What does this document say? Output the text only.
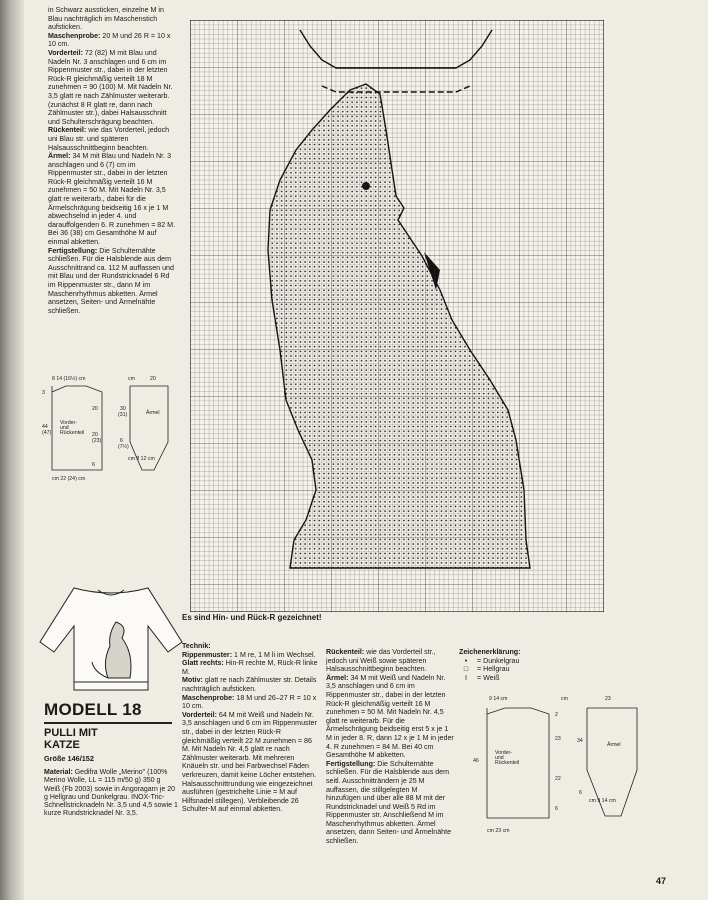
in Schwarz aussticken, einzelne M in Blau nachträglich im Maschenstich aufsticken.

Maschenprobe: 20 M und 26 R = 10 x 10 cm.

Vorderteil: 72 (82) M mit Blau und Nadeln Nr. 3 anschlagen und 6 cm im Rippenmuster str., dabei in der letzten Rück-R gleichmäßig verteilt 18 M zunehmen = 90 (100) M. Mit Nadeln Nr. 3,5 glatt re nach Zählmuster weiterarb. (zunächst 8 R glatt re, dann nach Zählmuster str.), dabei Halsausschnitt und Schulterschrägung beachten.

Rückenteil: wie das Vorderteil, jedoch uni Blau str. und späteren Halsausschnittbeginn beachten.

Ärmel: 34 M mit Blau und Nadeln Nr. 3 anschlagen und 6 (7) cm im Rippenmuster str., dabei in der letzten Rück-R gleichmäßig verteilt 16 M zunehmen = 50 M. Mit Nadeln Nr. 3,5 glatt re weiterarb., dabei für die Ärmelschrägung beidseitig 16 x je 1 M abwechselnd in jeder 4. und darauffolgenden 6. R zunehmen = 82 M. Bei 36 (38) cm Gesamthöhe M auf einmal abketten.

Fertigstellung: Die Schulternähte schließen. Für die Halsblende aus dem Ausschnittrand ca. 112 M auffassen und mit Blau und der Rundstricknadel 6 Rd im Rippenmuster str., dann M im Maschenrhythmus abketten. Ärmel ansetzen, Seiten- und Ärmelnähte schließen.

8 14 (16½) cm	cm	20
3
20
44
(47)	20
(23)
6
Vorder-
und
Rückenteil
Ärmel
30
(31)
6
(7½)
cm 22 (24) cm
cm 8 12 cm
MODELL 18
PULLI MIT
KATZE
Größe 146/152
Material: Gedifra Wolle „Merino" (100% Merino Wolle, LL = 115 m/50 g) 350 g Weiß (Fb 2003) sowie in Angoragarn je 20 g Hellgrau und Dunkelgrau. INOX-Tric-Schnellstricknadeln Nr. 3,5 und 4,5 sowie 1 kurze Rundstricknadel Nr. 3,5.
Es sind Hin- und Rück-R gezeichnet!

Technik:

Rippenmuster: 1 M re, 1 M li im Wechsel.

Glatt rechts: Hin-R rechte M, Rück-R linke M.

Motiv: glatt re nach Zählmuster str. Details nachträglich aufsticken.

Maschenprobe: 18 M und 26–27 R = 10 x 10 cm.

Vorderteil: 64 M mit Weiß und Nadeln Nr. 3,5 anschlagen und 6 cm im Rippenmuster str., dabei in der letzten Rück-R gleichmäßig verteilt 22 M zunehmen = 86 M. Mit Nadeln Nr. 4,5 glatt re nach Zählmuster weiterarb. Mit mehreren Knäueln str. und bei Farbwechsel Fäden verkreuzen, damit keine Löcher entstehen. Halsausschnittrundung wie eingezeichnet ausführen (gestrichelte Linie = M auf Hilfsnadel stillegen). Verbleibende 26 Schulter-M auf einmal abketten.

Rückenteil: wie das Vorderteil str., jedoch uni Weiß sowie späteren Halsausschnittbeginn beachten.

Ärmel: 34 M mit Weiß und Nadeln Nr. 3,5 anschlagen und 6 cm im Rippenmuster str., dabei in der letzten Rück-R gleichmäßig verteilt 16 M zunehmen = 50 M. Mit Nadeln Nr. 4,5 glatt re weiterarb. Für die Ärmelschrägung beidseitig erst 5 x je 1 M in jeder 8. R, dann 12 x je 1 M in jeder 4. R zunehmen = 84 M. Bei 40 cm Gesamthöhe M abketten.

Fertigstellung: Die Schulternähte schließen. Für die Halsblende aus dem seitl. Ausschnitträndern je 25 M auffassen, die stillgelegten M hinzufügen und über alle 88 M mit der Rundstricknadel und Weiß 5 Rd im Rippenmuster str. Anschließend M im Maschenrhythmus abketten. Ärmel ansetzen, dann Seiten- und Ärmelnähte schließen.

Zeichenerklärung:
•	= Dunkelgrau
□	= Hellgrau
I	= Weiß
9 14 cm	cm	23
2
23
46
22
6
Vorder-
und
Rückenteil
Ärmel
34
6
cm 23 cm
cm 9 14 cm
47
